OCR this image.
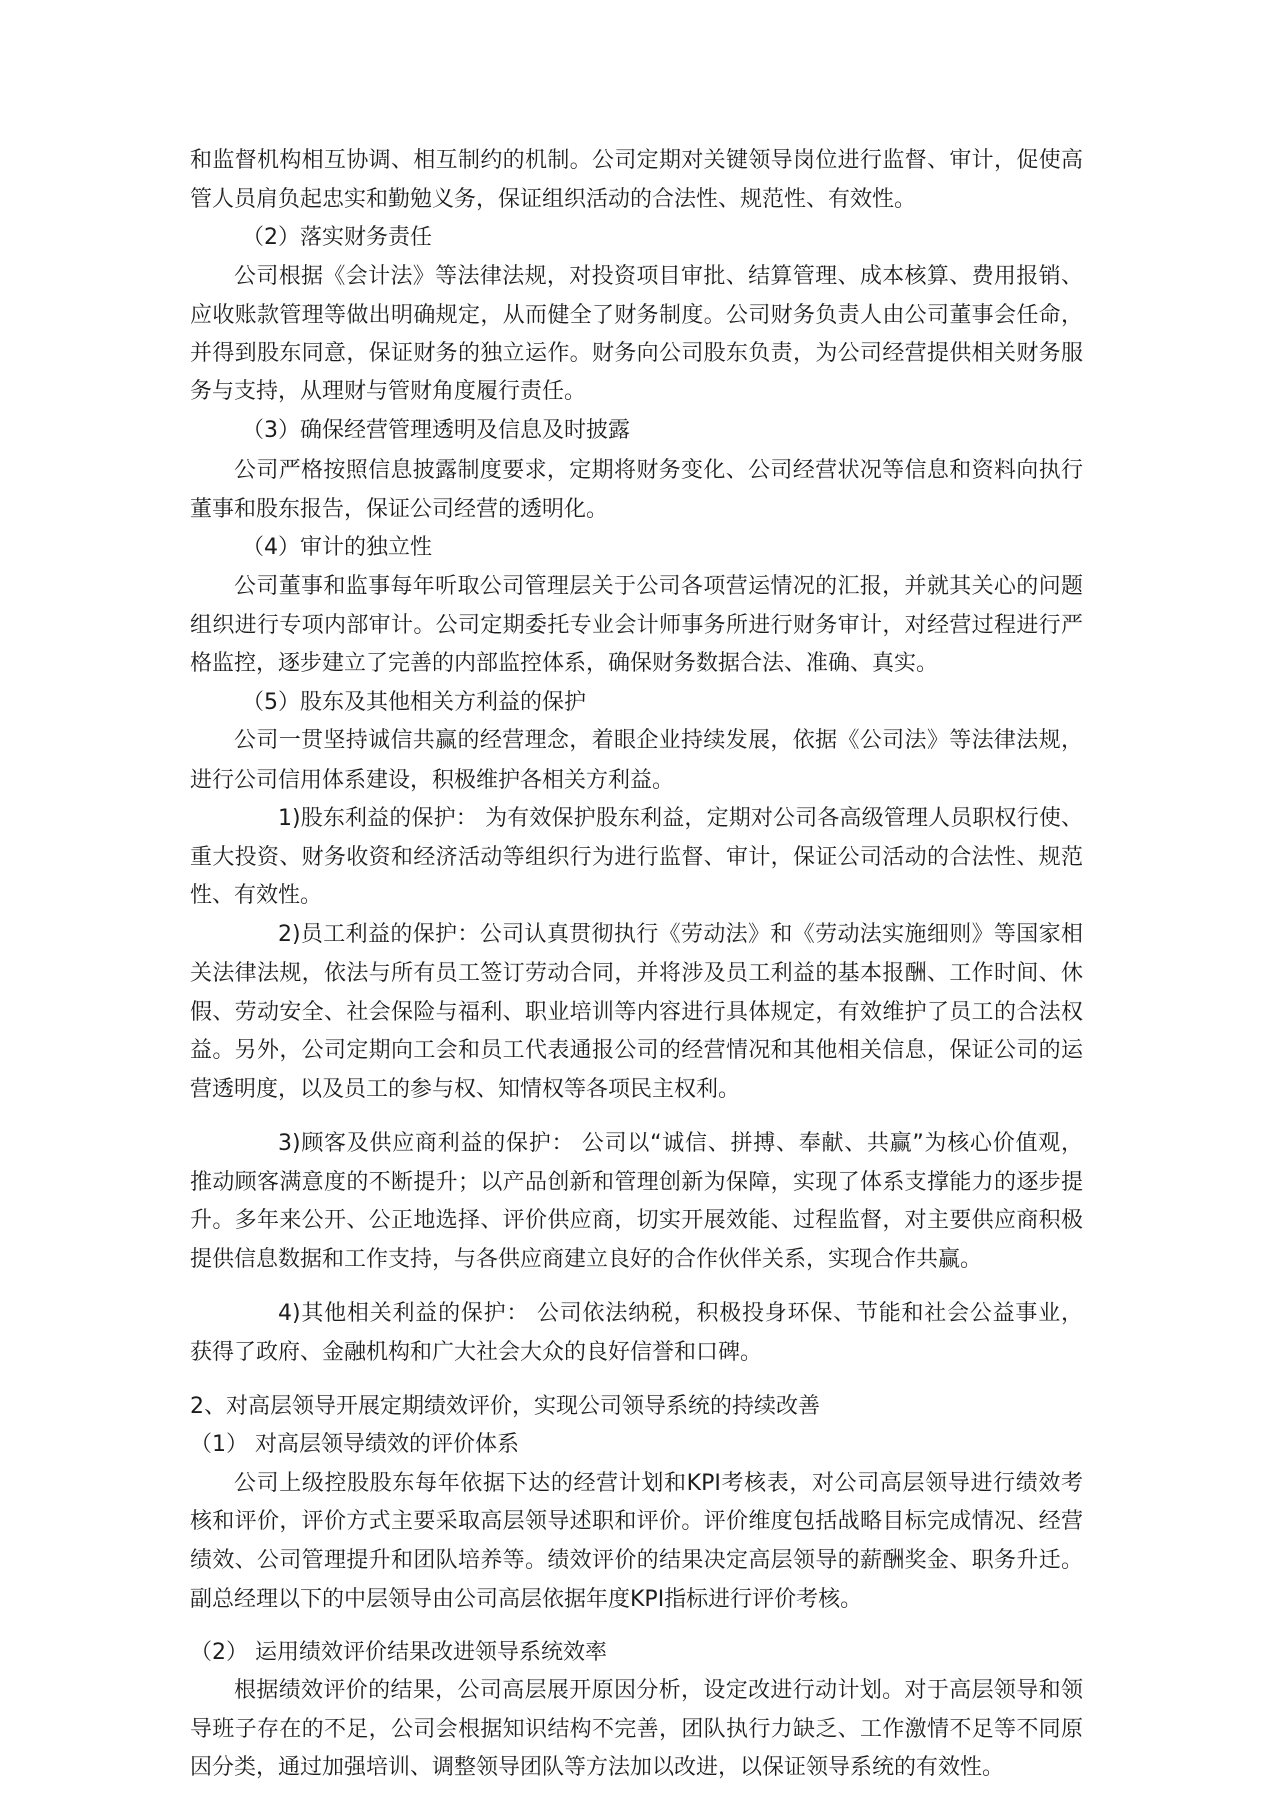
和监督机构相互协调、相互制约的机制。公司定期对关键领导岗位进行监督、审计，促使高
管人员肩负起忠实和勤勉义务，保证组织活动的合法性、规范性、有效性。
（2）落实财务责任
公司根据《会计法》等法律法规，对投资项目审批、结算管理、成本核算、费用报销、
应收账款管理等做出明确规定，从而健全了财务制度。公司财务负责人由公司董事会任命，
并得到股东同意，保证财务的独立运作。财务向公司股东负责，为公司经营提供相关财务服
务与支持，从理财与管财角度履行责任。
（3）确保经营管理透明及信息及时披露
公司严格按照信息披露制度要求，定期将财务变化、公司经营状况等信息和资料向执行
董事和股东报告，保证公司经营的透明化。
（4）审计的独立性
公司董事和监事每年听取公司管理层关于公司各项营运情况的汇报，并就其关心的问题
组织进行专项内部审计。公司定期委托专业会计师事务所进行财务审计，对经营过程进行严
格监控，逐步建立了完善的内部监控体系，确保财务数据合法、准确、真实。
（5）股东及其他相关方利益的保护
公司一贯坚持诚信共赢的经营理念，着眼企业持续发展，依据《公司法》等法律法规，
进行公司信用体系建设，积极维护各相关方利益。
1)股东利益的保护： 为有效保护股东利益，定期对公司各高级管理人员职权行使、
重大投资、财务收资和经济活动等组织行为进行监督、审计，保证公司活动的合法性、规范
性、有效性。
2)员工利益的保护：公司认真贯彻执行《劳动法》和《劳动法实施细则》等国家相
关法律法规，依法与所有员工签订劳动合同，并将涉及员工利益的基本报酬、工作时间、休
假、劳动安全、社会保险与福利、职业培训等内容进行具体规定，有效维护了员工的合法权
益。另外，公司定期向工会和员工代表通报公司的经营情况和其他相关信息，保证公司的运
营透明度，以及员工的参与权、知情权等各项民主权利。
3)顾客及供应商利益的保护： 公司以“诚信、拼搏、奉献、共赢”为核心价值观，
推动顾客满意度的不断提升；以产品创新和管理创新为保障，实现了体系支撑能力的逐步提
升。多年来公开、公正地选择、评价供应商，切实开展效能、过程监督，对主要供应商积极
提供信息数据和工作支持，与各供应商建立良好的合作伙伴关系，实现合作共赢。
4)其他相关利益的保护： 公司依法纳税，积极投身环保、节能和社会公益事业，
获得了政府、金融机构和广大社会大众的良好信誉和口碑。
2、对高层领导开展定期绩效评价，实现公司领导系统的持续改善
（1） 对高层领导绩效的评价体系
公司上级控股股东每年依据下达的经营计划和KPI考核表，对公司高层领导进行绩效考
核和评价，评价方式主要采取高层领导述职和评价。评价维度包括战略目标完成情况、经营
绩效、公司管理提升和团队培养等。绩效评价的结果决定高层领导的薪酬奖金、职务升迁。
副总经理以下的中层领导由公司高层依据年度KPI指标进行评价考核。
（2） 运用绩效评价结果改进领导系统效率
根据绩效评价的结果，公司高层展开原因分析，设定改进行动计划。对于高层领导和领
导班子存在的不足，公司会根据知识结构不完善，团队执行力缺乏、工作激情不足等不同原
因分类，通过加强培训、调整领导团队等方法加以改进，以保证领导系统的有效性。
